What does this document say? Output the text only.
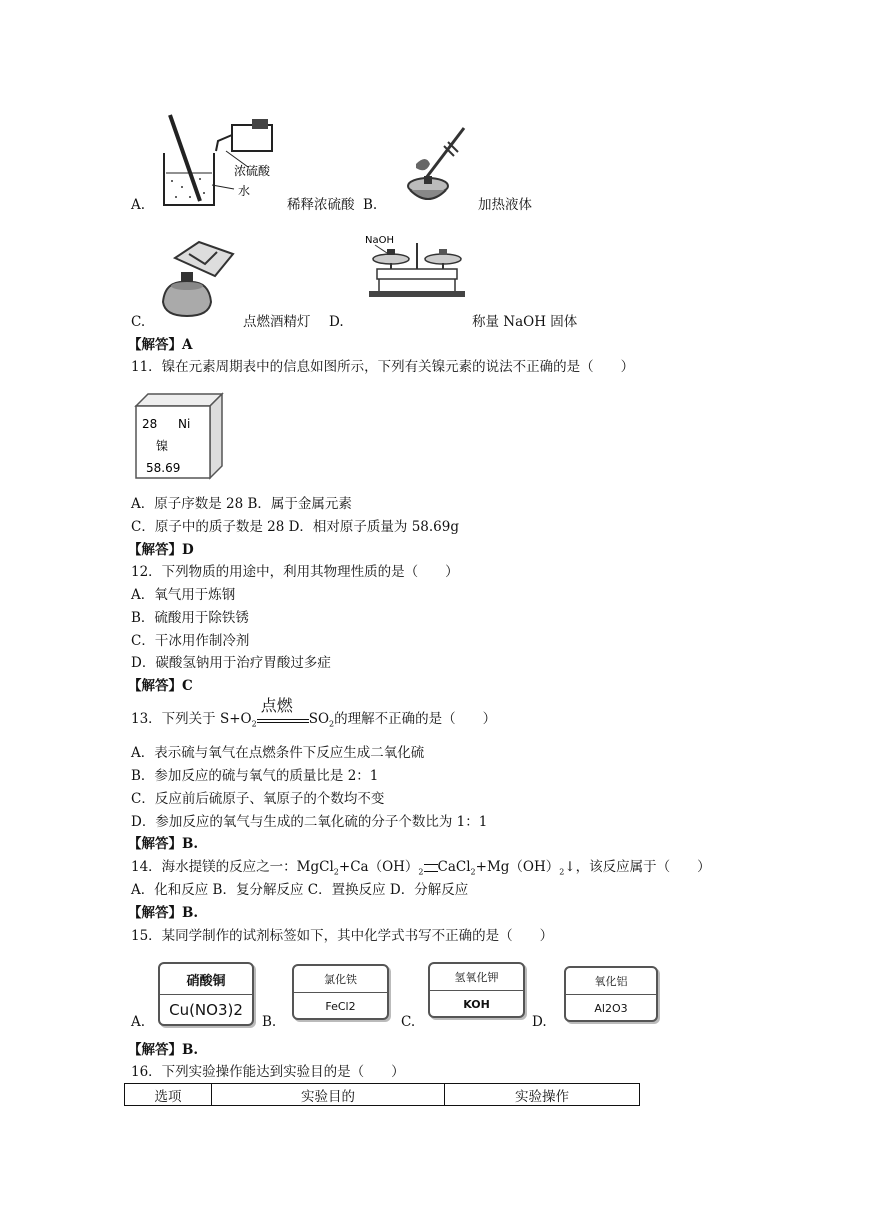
浓硫酸
水
A.	稀释浓硫酸 B.	加热液体
NaOH
C.	点燃酒精灯 D.	称量 NaOH 固体
【解答】A
11．镍在元素周期表中的信息如图所示，下列有关镍元素的说法不正确的是（　　）
28 Ni
镍
58.69
A．原子序数是 28 B．属于金属元素
C．原子中的质子数是 28 D．相对原子质量为 58.69g
【解答】D
12．下列物质的用途中，利用其物理性质的是（　　）
A．氧气用于炼钢
B．硫酸用于除铁锈
C．干冰用作制冷剂
D．碳酸氢钠用于治疗胃酸过多症
【解答】C
13．下列关于 $S+O_2$
点燃
$SO_2$的理解不正确的是（　　）
A．表示硫与氧气在点燃条件下反应生成二氧化硫
B．参加反应的硫与氧气的质量比是 2：1
C．反应前后硫原子、氧原子的个数均不变
D．参加反应的氧气与生成的二氧化硫的分子个数比为 1：1
【解答】B.
14．海水提镁的反应之一：$MgCl_2+Ca(OH)_2$ $CaCl_2+Mg(OH)_2↓$，该反应属于（　　）
A．化和反应 B．复分解反应 C．置换反应 D．分解反应
【解答】B.
15．某同学制作的试剂标签如下，其中化学式书写不正确的是（　　）
A.
硝酸铜
Cu(NO3)2
B.
氯化铁
FeCl2
C.
氢氧化钾
KOH
D.
氧化铝
Al2O3
【解答】B.
16．下列实验操作能达到实验目的是（　　）
选项	实验目的	实验操作
